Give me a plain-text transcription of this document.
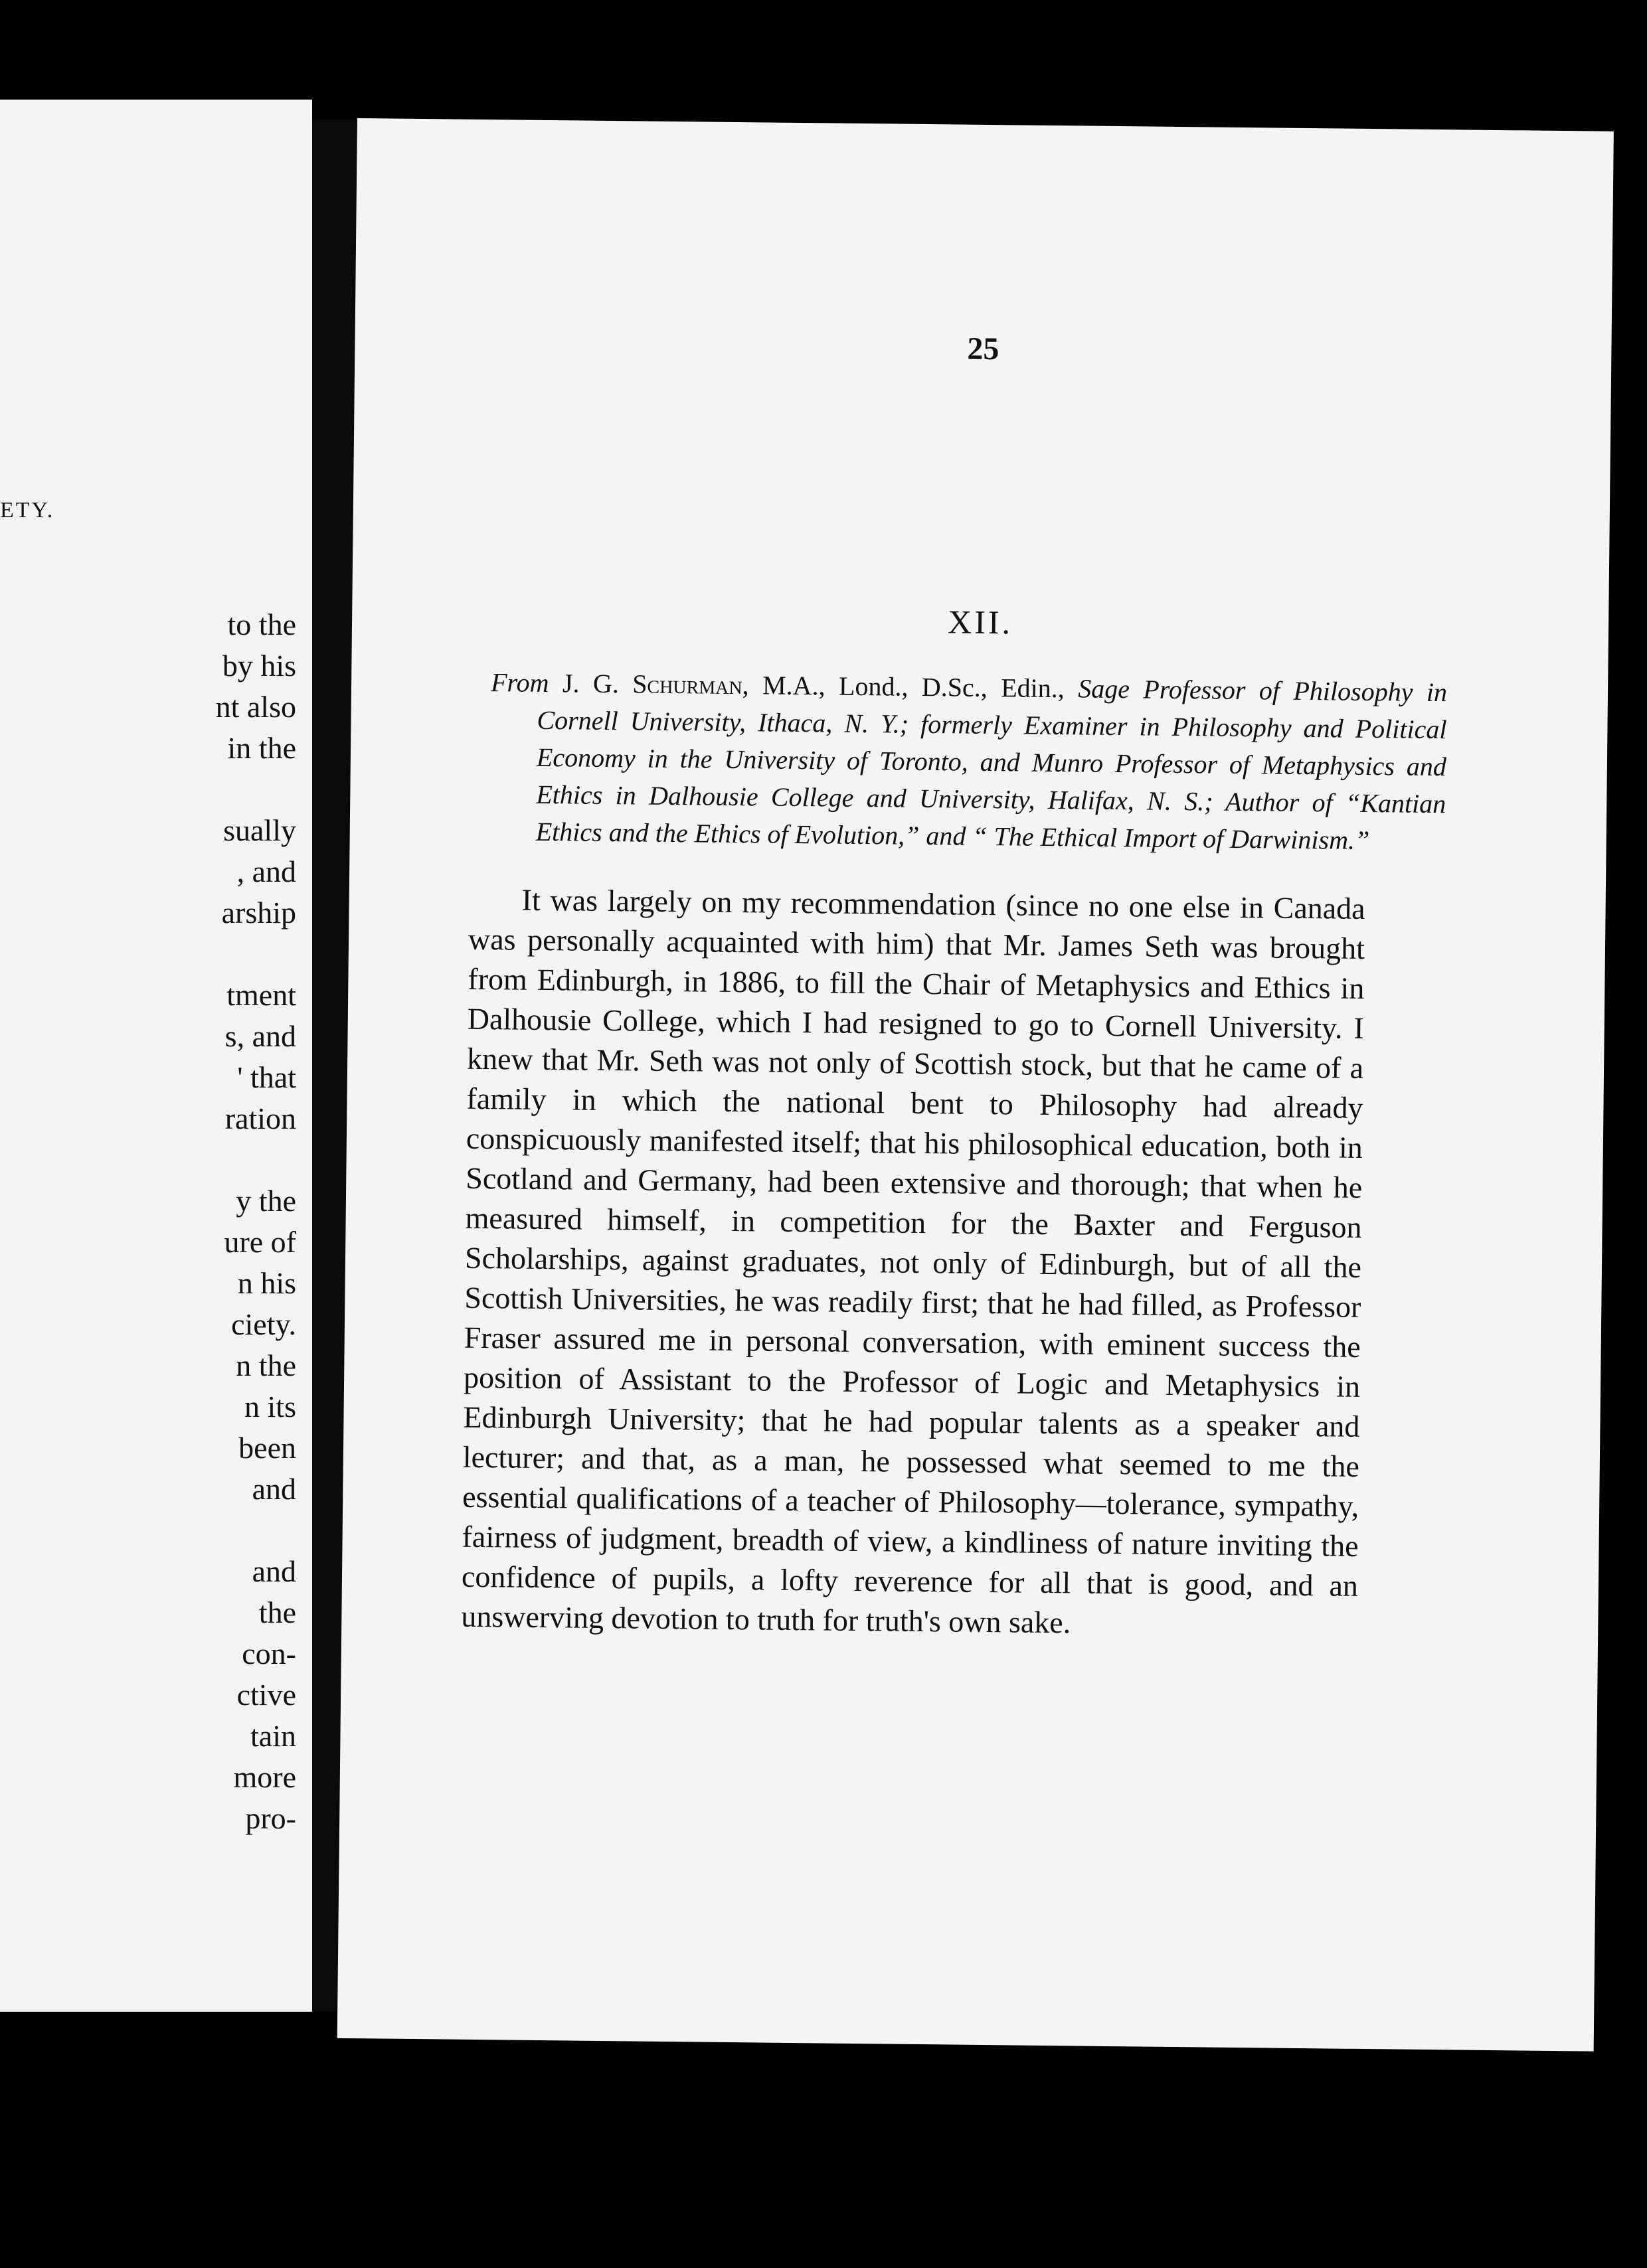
ETY.

to the
by his
nt also
in the
sually
, and
arship
tment
s, and
' that
ration
y the
ure of
n his
ciety.
n the
n its
been
and
and
the
con-
ctive
tain
more
pro-

25

XII.

From J. G. Schurman, M.A., Lond., D.Sc., Edin., Sage Professor of Philosophy in Cornell University, Ithaca, N. Y.; formerly Examiner in Philosophy and Political Economy in the University of Toronto, and Munro Professor of Metaphysics and Ethics in Dalhousie College and University, Halifax, N. S.; Author of “Kantian Ethics and the Ethics of Evolution,” and “ The Ethical Import of Darwinism.”

It was largely on my recommendation (since no one else in Canada was personally acquainted with him) that Mr. James Seth was brought from Edinburgh, in 1886, to fill the Chair of Metaphysics and Ethics in Dalhousie College, which I had resigned to go to Cornell University. I knew that Mr. Seth was not only of Scottish stock, but that he came of a family in which the national bent to Philosophy had already conspicuously manifested itself; that his philosophical education, both in Scotland and Germany, had been extensive and thorough; that when he measured himself, in competition for the Baxter and Ferguson Scholarships, against graduates, not only of Edinburgh, but of all the Scottish Universities, he was readily first; that he had filled, as Professor Fraser assured me in personal conversation, with eminent success the position of Assistant to the Professor of Logic and Metaphysics in Edinburgh University; that he had popular talents as a speaker and lecturer; and that, as a man, he possessed what seemed to me the essential qualifications of a teacher of Philosophy—tolerance, sympathy, fairness of judgment, breadth of view, a kindliness of nature inviting the confidence of pupils, a lofty reverence for all that is good, and an unswerving devotion to truth for truth's own sake.
